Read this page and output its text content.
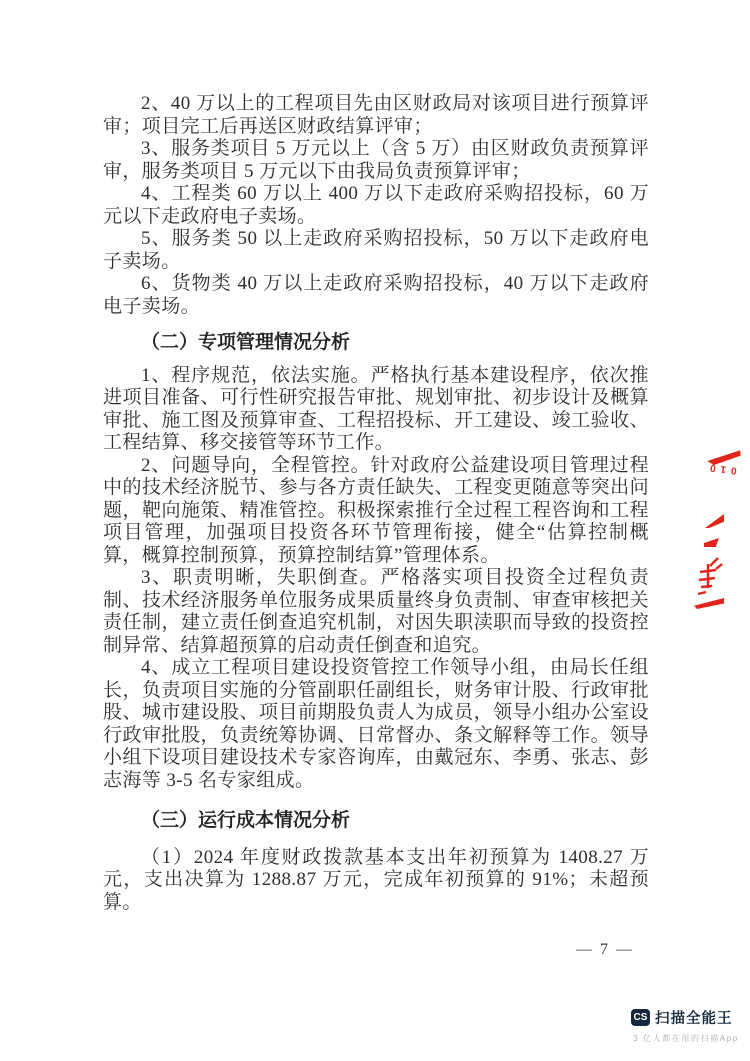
2、40 万以上的工程项目先由区财政局对该项目进行预算评审；项目完工后再送区财政结算评审；

3、服务类项目 5 万元以上（含 5 万）由区财政负责预算评审，服务类项目 5 万元以下由我局负责预算评审；

4、工程类 60 万以上 400 万以下走政府采购招投标，60 万元以下走政府电子卖场。

5、服务类 50 以上走政府采购招投标，50 万以下走政府电子卖场。

6、货物类 40 万以上走政府采购招投标，40 万以下走政府电子卖场。

（二）专项管理情况分析

1、程序规范，依法实施。严格执行基本建设程序，依次推进项目准备、可行性研究报告审批、规划审批、初步设计及概算审批、施工图及预算审查、工程招投标、开工建设、竣工验收、工程结算、移交接管等环节工作。

2、问题导向，全程管控。针对政府公益建设项目管理过程中的技术经济脱节、参与各方责任缺失、工程变更随意等突出问题，靶向施策、精准管控。积极探索推行全过程工程咨询和工程项目管理，加强项目投资各环节管理衔接，健全“估算控制概算，概算控制预算，预算控制结算”管理体系。

3、职责明晰，失职倒查。严格落实项目投资全过程负责制、技术经济服务单位服务成果质量终身负责制、审查审核把关责任制，建立责任倒查追究机制，对因失职渎职而导致的投资控制异常、结算超预算的启动责任倒查和追究。

4、成立工程项目建设投资管控工作领导小组，由局长任组长，负责项目实施的分管副职任副组长，财务审计股、行政审批股、城市建设股、项目前期股负责人为成员，领导小组办公室设行政审批股，负责统筹协调、日常督办、条文解释等工作。领导小组下设项目建设技术专家咨询库，由戴冠东、李勇、张志、彭志海等 3-5 名专家组成。

（三）运行成本情况分析

（1）2024 年度财政拨款基本支出年初预算为 1408.27 万元，支出决算为 1288.87 万元，完成年初预算的 91%；未超预算。

— 7 —
010
CS 扫描全能王
3 亿人都在用的扫描App
